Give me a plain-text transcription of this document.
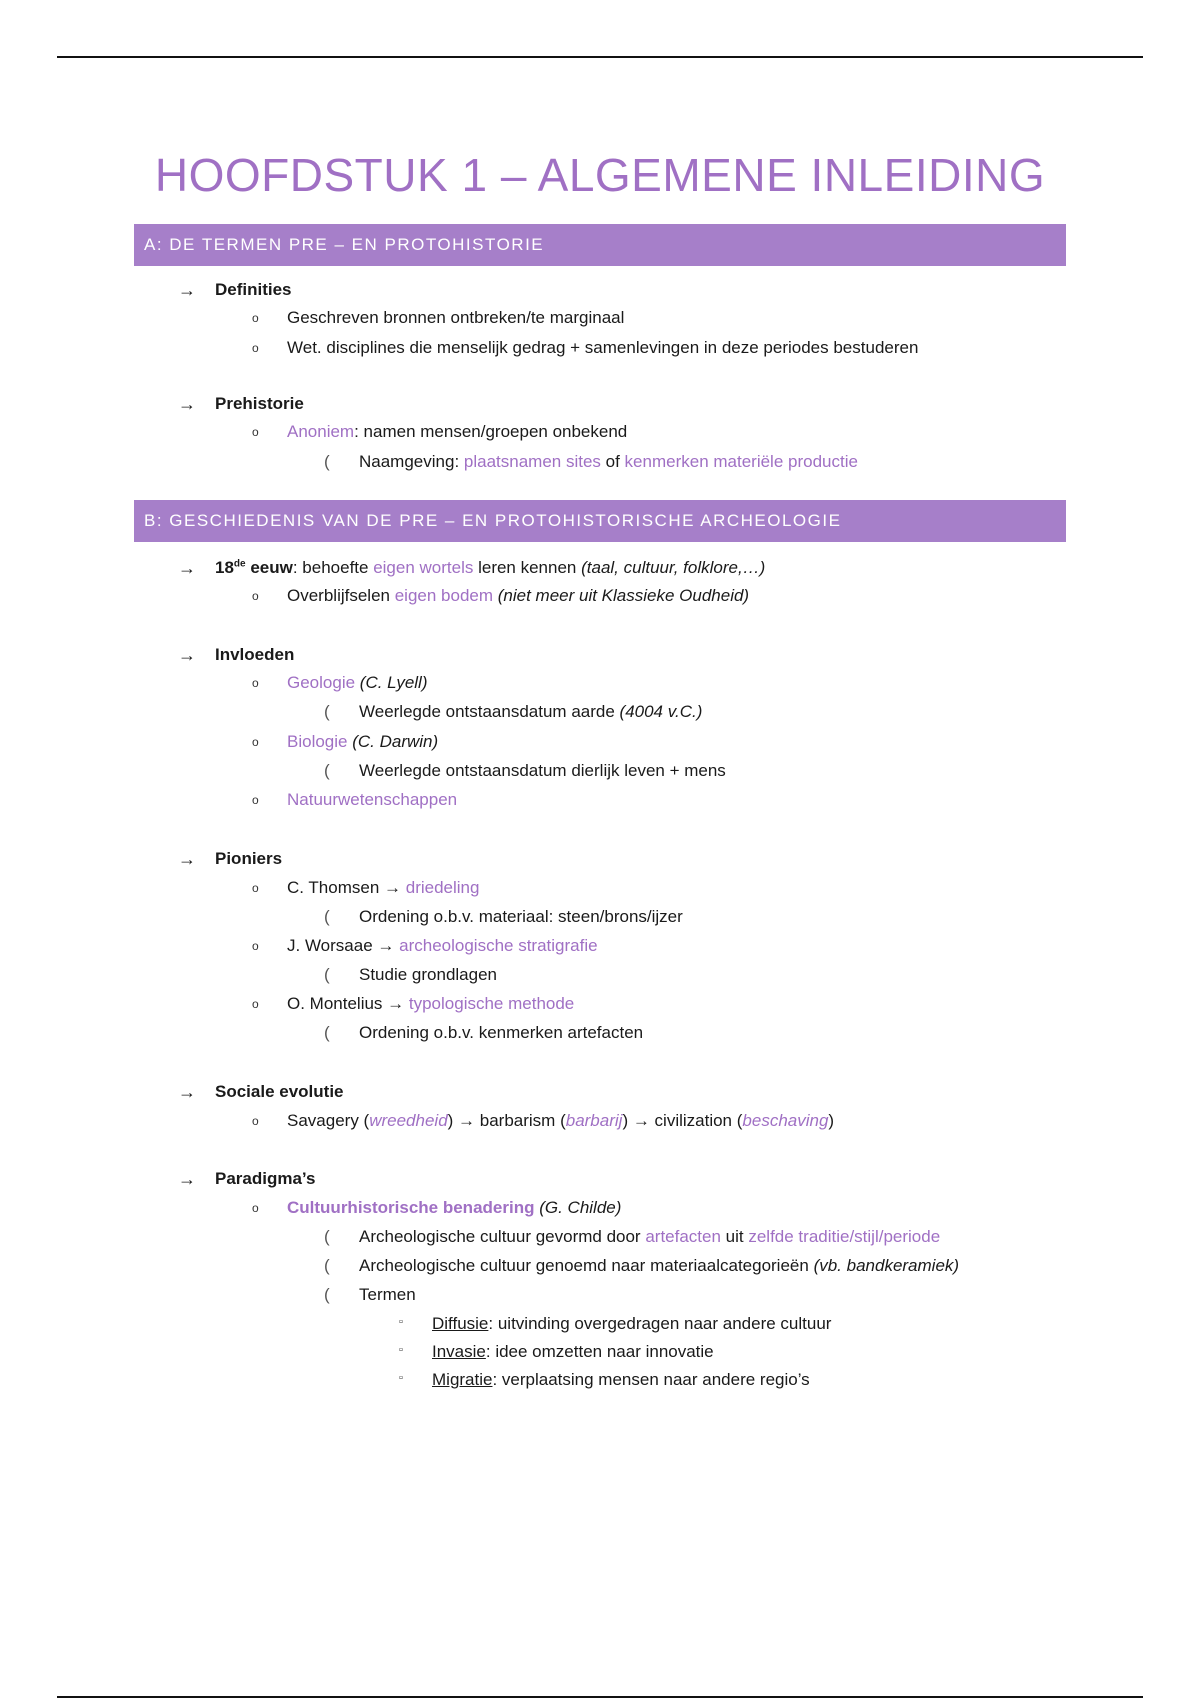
HOOFDSTUK 1 – ALGEMENE INLEIDING
A: DE TERMEN PRE – EN PROTOHISTORIE
→ Definities
o Geschreven bronnen ontbreken/te marginaal
o Wet. disciplines die menselijk gedrag + samenlevingen in deze periodes bestuderen
→ Prehistorie
o Anoniem: namen mensen/groepen onbekend
( Naamgeving: plaatsnamen sites of kenmerken materiële productie
B: GESCHIEDENIS VAN DE PRE – EN PROTOHISTORISCHE ARCHEOLOGIE
→ 18de eeuw: behoefte eigen wortels leren kennen (taal, cultuur, folklore,…)
o Overblijfselen eigen bodem (niet meer uit Klassieke Oudheid)
→ Invloeden
o Geologie (C. Lyell)
( Weerlegde ontstaansdatum aarde (4004 v.C.)
o Biologie (C. Darwin)
( Weerlegde ontstaansdatum dierlijk leven + mens
o Natuurwetenschappen
→ Pioniers
o C. Thomsen → driedeling
( Ordening o.b.v. materiaal: steen/brons/ijzer
o J. Worsaae → archeologische stratigrafie
( Studie grondlagen
o O. Montelius → typologische methode
( Ordening o.b.v. kenmerken artefacten
→ Sociale evolutie
o Savagery (wreedheid) → barbarism (barbarij) → civilization (beschaving)
→ Paradigma’s
o Cultuurhistorische benadering (G. Childe)
( Archeologische cultuur gevormd door artefacten uit zelfde traditie/stijl/periode
( Archeologische cultuur genoemd naar materiaalcategorieën (vb. bandkeramiek)
( Termen
▫ Diffusie: uitvinding overgedragen naar andere cultuur
▫ Invasie: idee omzetten naar innovatie
▫ Migratie: verplaatsing mensen naar andere regio’s
